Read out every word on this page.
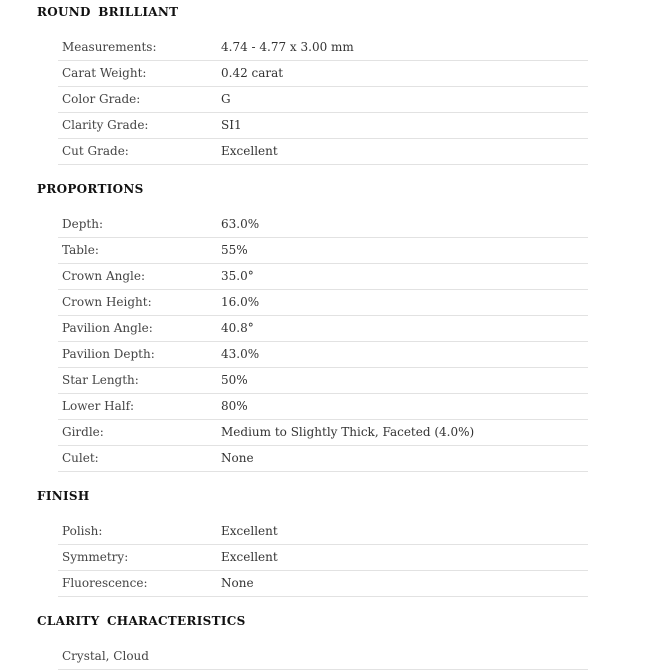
ROUND BRILLIANT
Measurements:	4.74 - 4.77 x 3.00 mm
Carat Weight:	0.42 carat
Color Grade:	G
Clarity Grade:	SI1
Cut Grade:	Excellent
PROPORTIONS
Depth:	63.0%
Table:	55%
Crown Angle:	35.0°
Crown Height:	16.0%
Pavilion Angle:	40.8°
Pavilion Depth:	43.0%
Star Length:	50%
Lower Half:	80%
Girdle:	Medium to Slightly Thick, Faceted (4.0%)
Culet:	None
FINISH
Polish:	Excellent
Symmetry:	Excellent
Fluorescence:	None
CLARITY CHARACTERISTICS
Crystal, Cloud
